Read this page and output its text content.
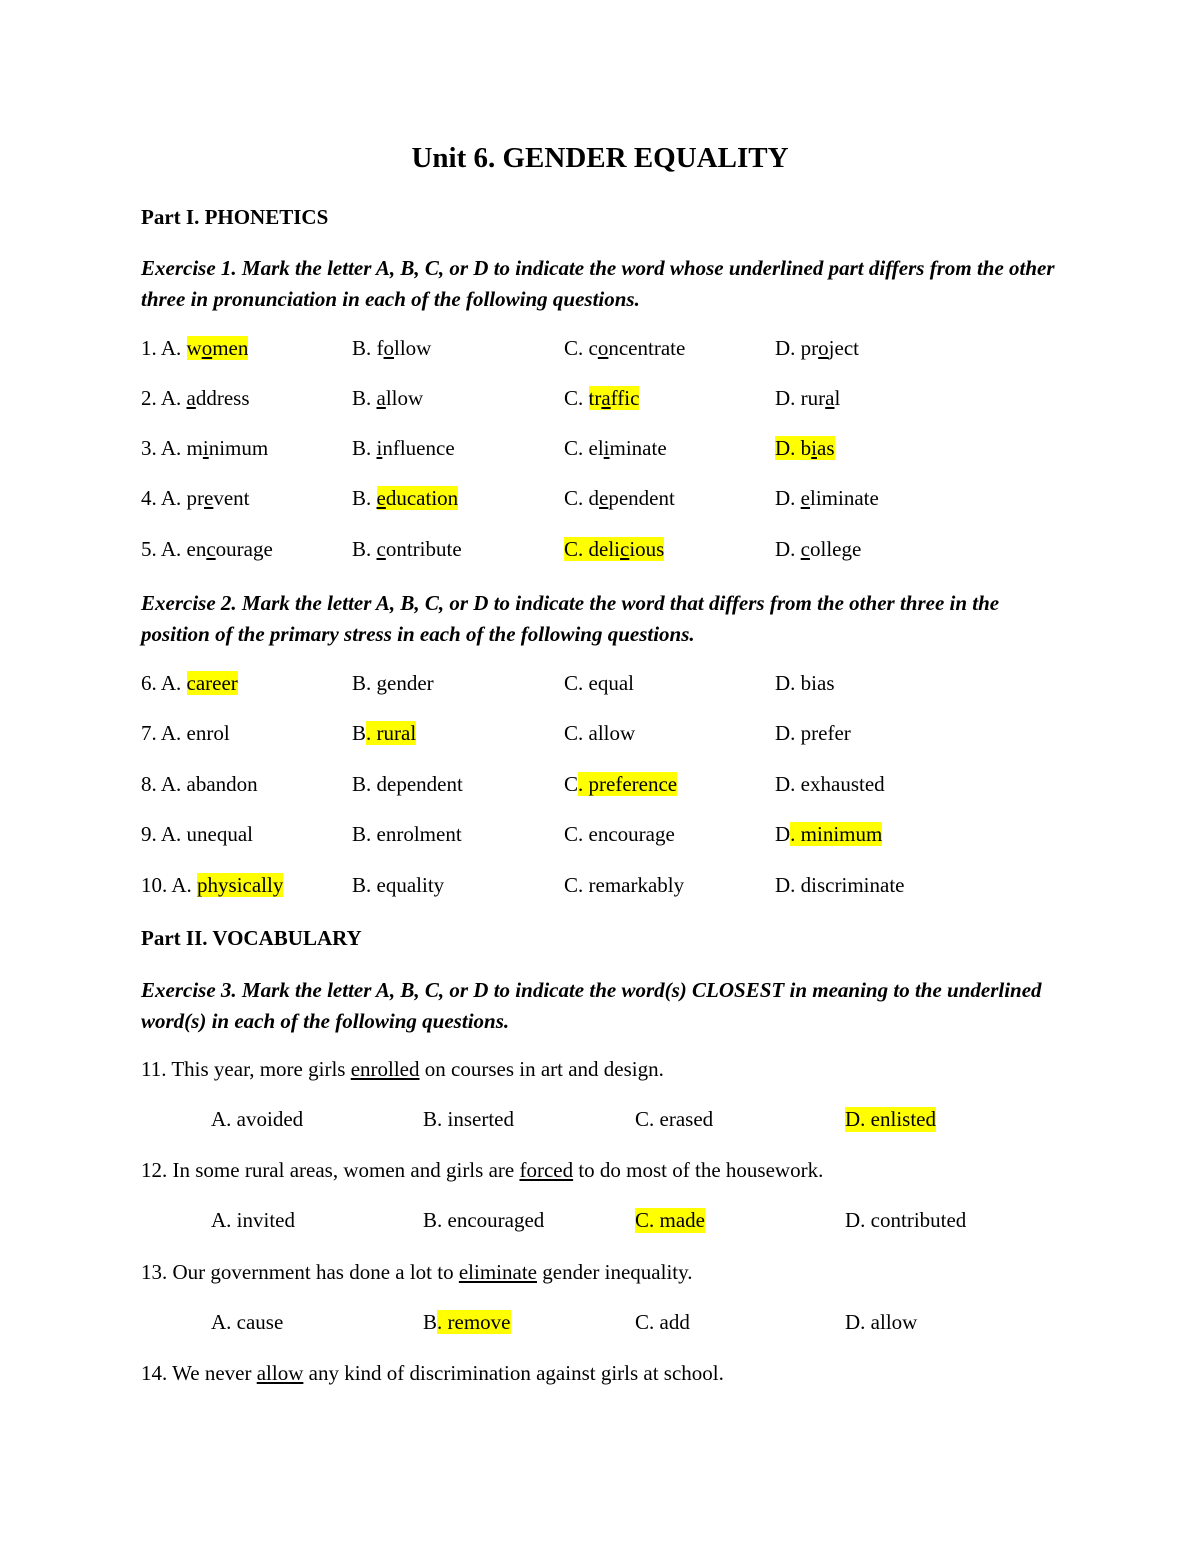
Unit 6. GENDER EQUALITY
Part I. PHONETICS
Exercise 1. Mark the letter A, B, C, or D to indicate the word whose underlined part differs from the other three in pronunciation in each of the following questions.
1. A. women	B. follow	C. concentrate	D. project
2. A. address	B. allow	C. traffic	D. rural
3. A. minimum	B. influence	C. eliminate	D. bias
4. A. prevent	B. education	C. dependent	D. eliminate
5. A. encourage	B. contribute	C. delicious	D. college
Exercise 2. Mark the letter A, B, C, or D to indicate the word that differs from the other three in the position of the primary stress in each of the following questions.
6. A. career	B. gender	C. equal	D. bias
7. A. enrol	B. rural	C. allow	D. prefer
8. A. abandon	B. dependent	C. preference	D. exhausted
9. A. unequal	B. enrolment	C. encourage	D. minimum
10. A. physically	B. equality	C. remarkably	D. discriminate
Part II. VOCABULARY
Exercise 3. Mark the letter A, B, C, or D to indicate the word(s) CLOSEST in meaning to the underlined word(s) in each of the following questions.
11. This year, more girls enrolled on courses in art and design.
A. avoided	B. inserted	C. erased	D. enlisted
12. In some rural areas, women and girls are forced to do most of the housework.
A. invited	B. encouraged	C. made	D. contributed
13. Our government has done a lot to eliminate gender inequality.
A. cause	B. remove	C. add	D. allow
14. We never allow any kind of discrimination against girls at school.
